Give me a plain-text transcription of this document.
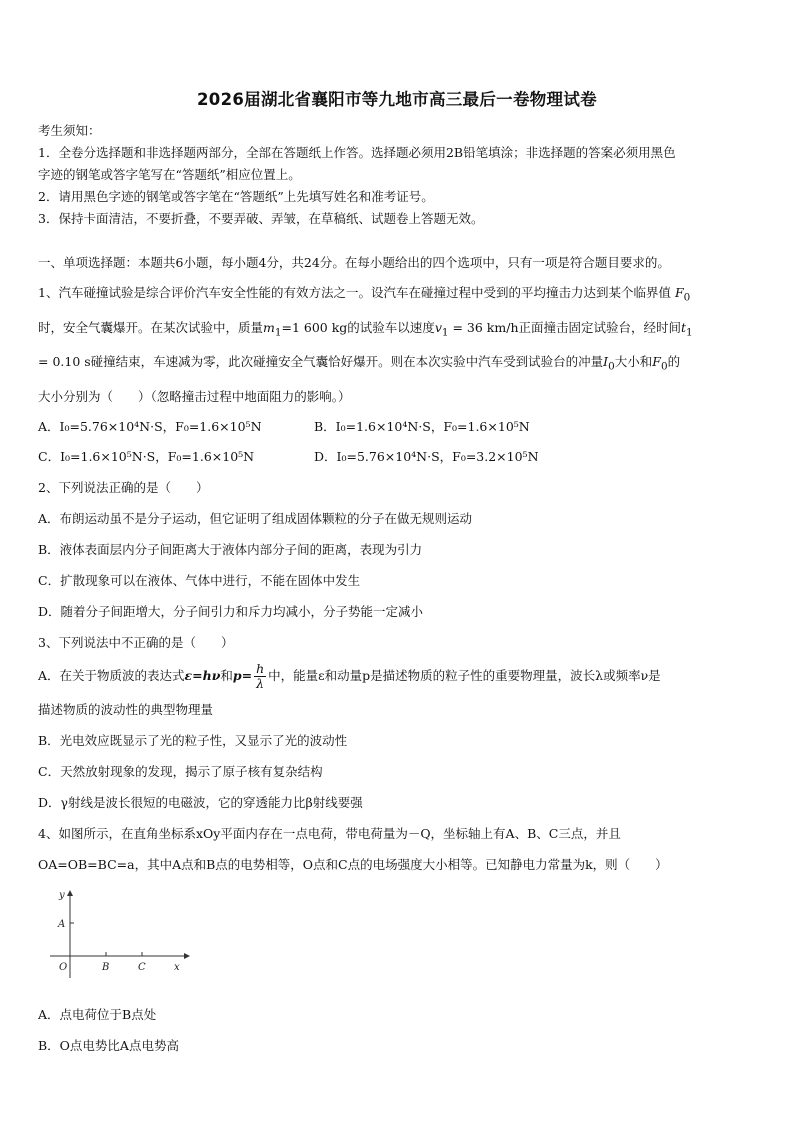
2026届湖北省襄阳市等九地市高三最后一卷物理试卷
考生须知：
1．全卷分选择题和非选择题两部分，全部在答题纸上作答。选择题必须用2B铅笔填涂；非选择题的答案必须用黑色
字迹的钢笔或答字笔写在“答题纸”相应位置上。
2．请用黑色字迹的钢笔或答字笔在“答题纸”上先填写姓名和准考证号。
3．保持卡面清洁，不要折叠，不要弄破、弄皱，在草稿纸、试题卷上答题无效。
一、单项选择题：本题共6小题，每小题4分，共24分。在每小题给出的四个选项中，只有一项是符合题目要求的。
1、汽车碰撞试验是综合评价汽车安全性能的有效方法之一。设汽车在碰撞过程中受到的平均撞击力达到某个临界值 $F_0$
时，安全气囊爆开。在某次试验中，质量$m_1=1$ 600 kg的试验车以速度$v_1 = 36$ km/h正面撞击固定试验台，经时间$t_1$
= 0.10 s碰撞结束，车速减为零，此次碰撞安全气囊恰好爆开。则在本次实验中汽车受到试验台的冲量$I_0$大小和$F_0$的
大小分别为（　　）（忽略撞击过程中地面阻力的影响。）
A．I₀=5.76×10⁴N·S，F₀=1.6×10⁵N	B．I₀=1.6×10⁴N·S，F₀=1.6×10⁵N
C．I₀=1.6×10⁵N·S，F₀=1.6×10⁵N	D．I₀=5.76×10⁴N·S，F₀=3.2×10⁵N
2、下列说法正确的是（　　）
A．布朗运动虽不是分子运动，但它证明了组成固体颗粒的分子在做无规则运动
B．液体表面层内分子间距离大于液体内部分子间的距离，表现为引力
C．扩散现象可以在液体、气体中进行，不能在固体中发生
D．随着分子间距增大，分子间引力和斥力均减小，分子势能一定减小
3、下列说法中不正确的是（　　）
A．在关于物质波的表达式ε=hν和$p= \frac{h}{\lambda}$ 中，能量ε和动量p是描述物质的粒子性的重要物理量，波长λ或频率ν是
描述物质的波动性的典型物理量
B．光电效应既显示了光的粒子性，又显示了光的波动性
C．天然放射现象的发现，揭示了原子核有复杂结构
D．γ射线是波长很短的电磁波，它的穿透能力比β射线要强
4、如图所示，在直角坐标系xOy平面内存在一点电荷，带电荷量为－Q，坐标轴上有A、B、C三点，并且
OA=OB=BC=a，其中A点和B点的电势相等，O点和C点的电场强度大小相等。已知静电力常量为k，则（　　）
y
A
O	B	C	x
A．点电荷位于B点处
B．O点电势比A点电势高
